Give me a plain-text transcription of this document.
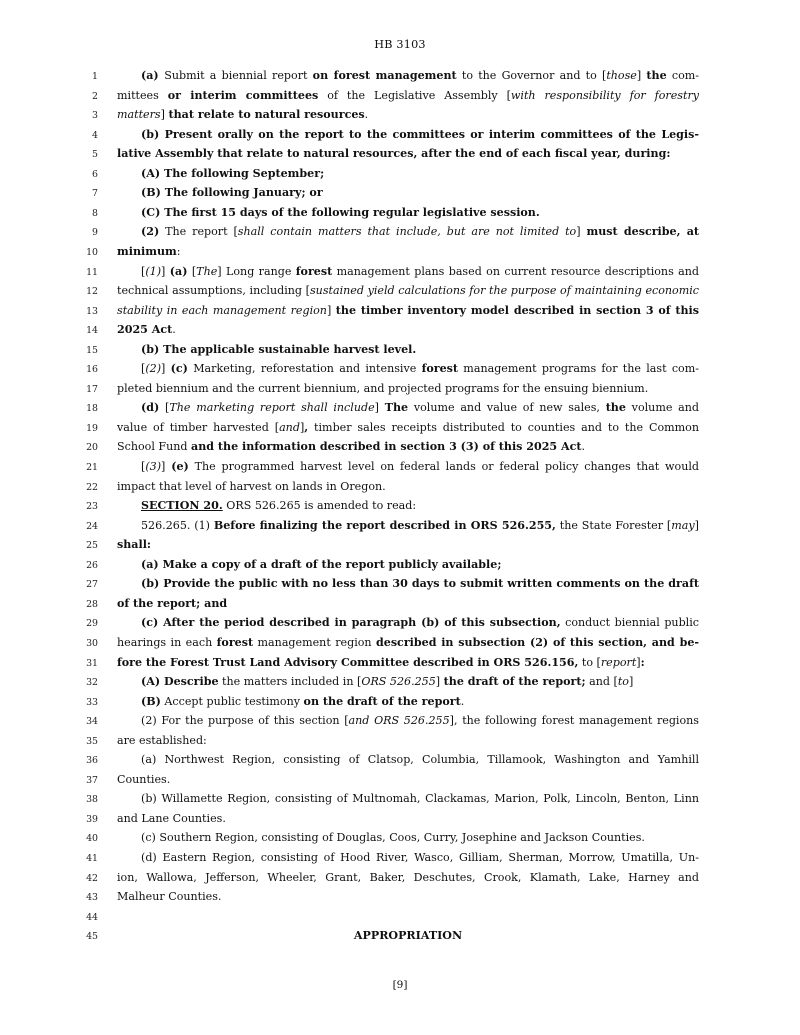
HB 3103
1	(a) Submit a biennial report on forest management to the Governor and to [those] the com-
2 mittees or interim committees of the Legislative Assembly [with responsibility for forestry
3 matters] that relate to natural resources.
4	(b) Present orally on the report to the committees or interim committees of the Legis-
5 lative Assembly that relate to natural resources, after the end of each fiscal year, during:
6	(A) The following September;
7	(B) The following January; or
8	(C) The first 15 days of the following regular legislative session.
9	(2) The report [shall contain matters that include, but are not limited to] must describe, at
10 minimum:
11	[(1)] (a) [The] Long range forest management plans based on current resource descriptions and
12 technical assumptions, including [sustained yield calculations for the purpose of maintaining economic
13 stability in each management region] the timber inventory model described in section 3 of this
14 2025 Act.
15	(b) The applicable sustainable harvest level.
16	[(2)] (c) Marketing, reforestation and intensive forest management programs for the last com-
17 pleted biennium and the current biennium, and projected programs for the ensuing biennium.
18	(d) [The marketing report shall include] The volume and value of new sales, the volume and
19 value of timber harvested [and], timber sales receipts distributed to counties and to the Common
20 School Fund and the information described in section 3 (3) of this 2025 Act.
21	[(3)] (e) The programmed harvest level on federal lands or federal policy changes that would
22 impact that level of harvest on lands in Oregon.
23	SECTION 20. ORS 526.265 is amended to read:
24	526.265. (1) Before finalizing the report described in ORS 526.255, the State Forester [may]
25 shall:
26	(a) Make a copy of a draft of the report publicly available;
27	(b) Provide the public with no less than 30 days to submit written comments on the draft
28 of the report; and
29	(c) After the period described in paragraph (b) of this subsection, conduct biennial public
30 hearings in each forest management region described in subsection (2) of this section, and be-
31 fore the Forest Trust Land Advisory Committee described in ORS 526.156, to [report]:
32	(A) Describe the matters included in [ORS 526.255] the draft of the report; and [to]
33	(B) Accept public testimony on the draft of the report.
34	(2) For the purpose of this section [and ORS 526.255], the following forest management regions
35 are established:
36	(a) Northwest Region, consisting of Clatsop, Columbia, Tillamook, Washington and Yamhill
37 Counties.
38	(b) Willamette Region, consisting of Multnomah, Clackamas, Marion, Polk, Lincoln, Benton, Linn
39 and Lane Counties.
40	(c) Southern Region, consisting of Douglas, Coos, Curry, Josephine and Jackson Counties.
41	(d) Eastern Region, consisting of Hood River, Wasco, Gilliam, Sherman, Morrow, Umatilla, Un-
42 ion, Wallowa, Jefferson, Wheeler, Grant, Baker, Deschutes, Crook, Klamath, Lake, Harney and
43 Malheur Counties.
44
45	APPROPRIATION
[9]
